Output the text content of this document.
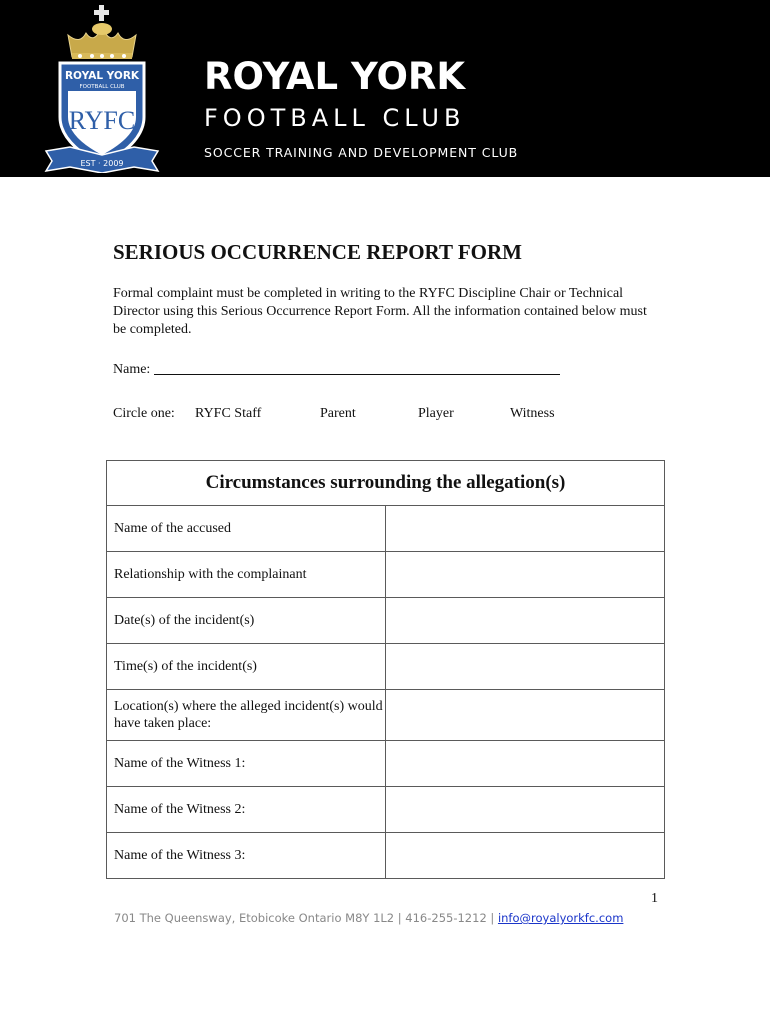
ROYAL YORK
FOOTBALL CLUB
RYFC
EST · 2009
ROYAL YORK
FOOTBALL CLUB
SOCCER TRAINING AND DEVELOPMENT CLUB
SERIOUS OCCURRENCE REPORT FORM

Formal complaint must be completed in writing to the RYFC Discipline Chair or Technical Director using this Serious Occurrence Report Form. All the information contained below must be completed.

Name:
Circle one: RYFC Staff	Parent	Player	Witness
Circumstances surrounding the allegation(s)	
Name of the accused	
Relationship with the complainant	
Date(s) of the incident(s)	
Time(s) of the incident(s)	
Location(s) where the alleged incident(s) would have taken place:	
Name of the Witness 1:	
Name of the Witness 2:	
Name of the Witness 3:	
1
701 The Queensway, Etobicoke Ontario M8Y 1L2 | 416-255-1212 | info@royalyorkfc.com
